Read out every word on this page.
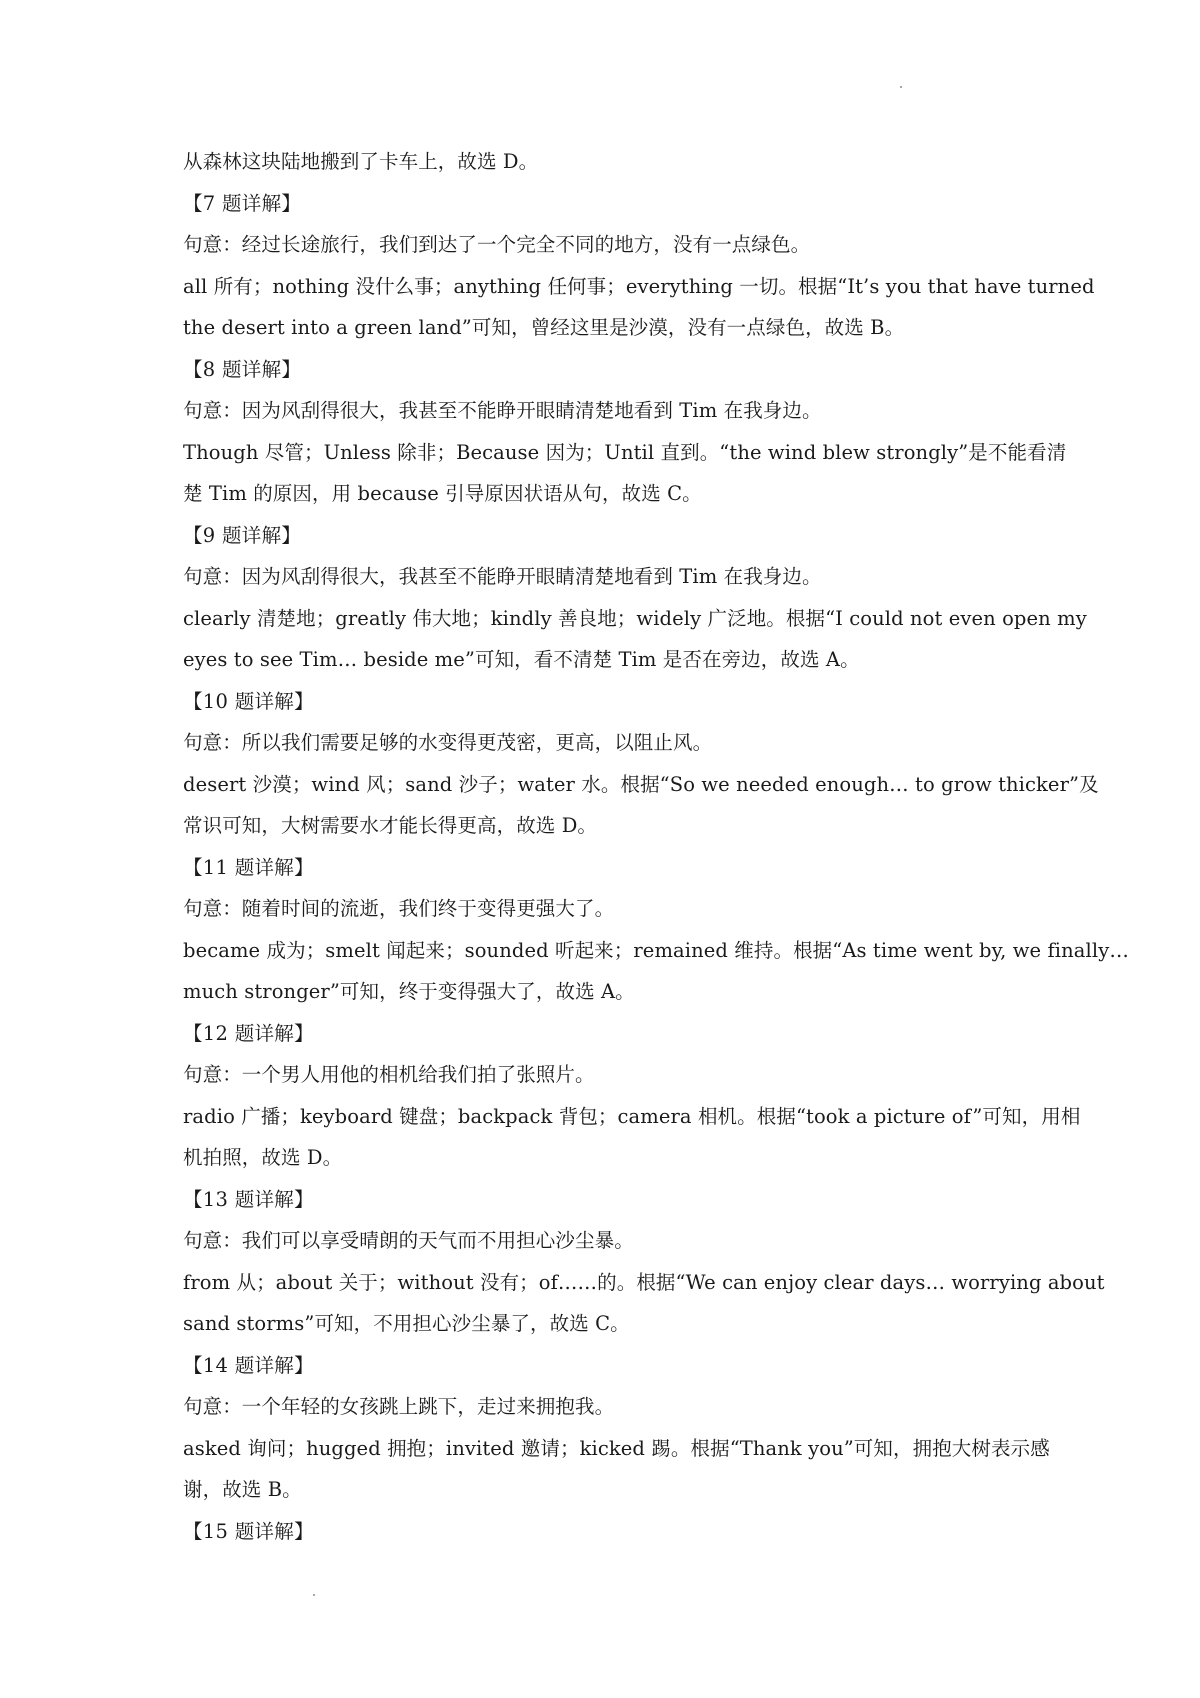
从森林这块陆地搬到了卡车上，故选 D。
【7 题详解】
句意：经过长途旅行，我们到达了一个完全不同的地方，没有一点绿色。
all 所有；nothing 没什么事；anything 任何事；everything 一切。根据“It’s you that have turned
the desert into a green land”可知，曾经这里是沙漠，没有一点绿色，故选 B。
【8 题详解】
句意：因为风刮得很大，我甚至不能睁开眼睛清楚地看到 Tim 在我身边。
Though 尽管；Unless 除非；Because 因为；Until 直到。“the wind blew strongly”是不能看清
楚 Tim 的原因，用 because 引导原因状语从句，故选 C。
【9 题详解】
句意：因为风刮得很大，我甚至不能睁开眼睛清楚地看到 Tim 在我身边。
clearly 清楚地；greatly 伟大地；kindly 善良地；widely 广泛地。根据“I could not even open my
eyes to see Tim… beside me”可知，看不清楚 Tim 是否在旁边，故选 A。
【10 题详解】
句意：所以我们需要足够的水变得更茂密，更高，以阻止风。
desert 沙漠；wind 风；sand 沙子；water 水。根据“So we needed enough… to grow thicker”及
常识可知，大树需要水才能长得更高，故选 D。
【11 题详解】
句意：随着时间的流逝，我们终于变得更强大了。
became 成为；smelt 闻起来；sounded 听起来；remained 维持。根据“As time went by, we finally…
much stronger”可知，终于变得强大了，故选 A。
【12 题详解】
句意：一个男人用他的相机给我们拍了张照片。
radio 广播；keyboard 键盘；backpack 背包；camera 相机。根据“took a picture of”可知，用相
机拍照，故选 D。
【13 题详解】
句意：我们可以享受晴朗的天气而不用担心沙尘暴。
from 从；about 关于；without 没有；of……的。根据“We can enjoy clear days… worrying about
sand storms”可知，不用担心沙尘暴了，故选 C。
【14 题详解】
句意：一个年轻的女孩跳上跳下，走过来拥抱我。
asked 询问；hugged 拥抱；invited 邀请；kicked 踢。根据“Thank you”可知，拥抱大树表示感
谢，故选 B。
【15 题详解】
